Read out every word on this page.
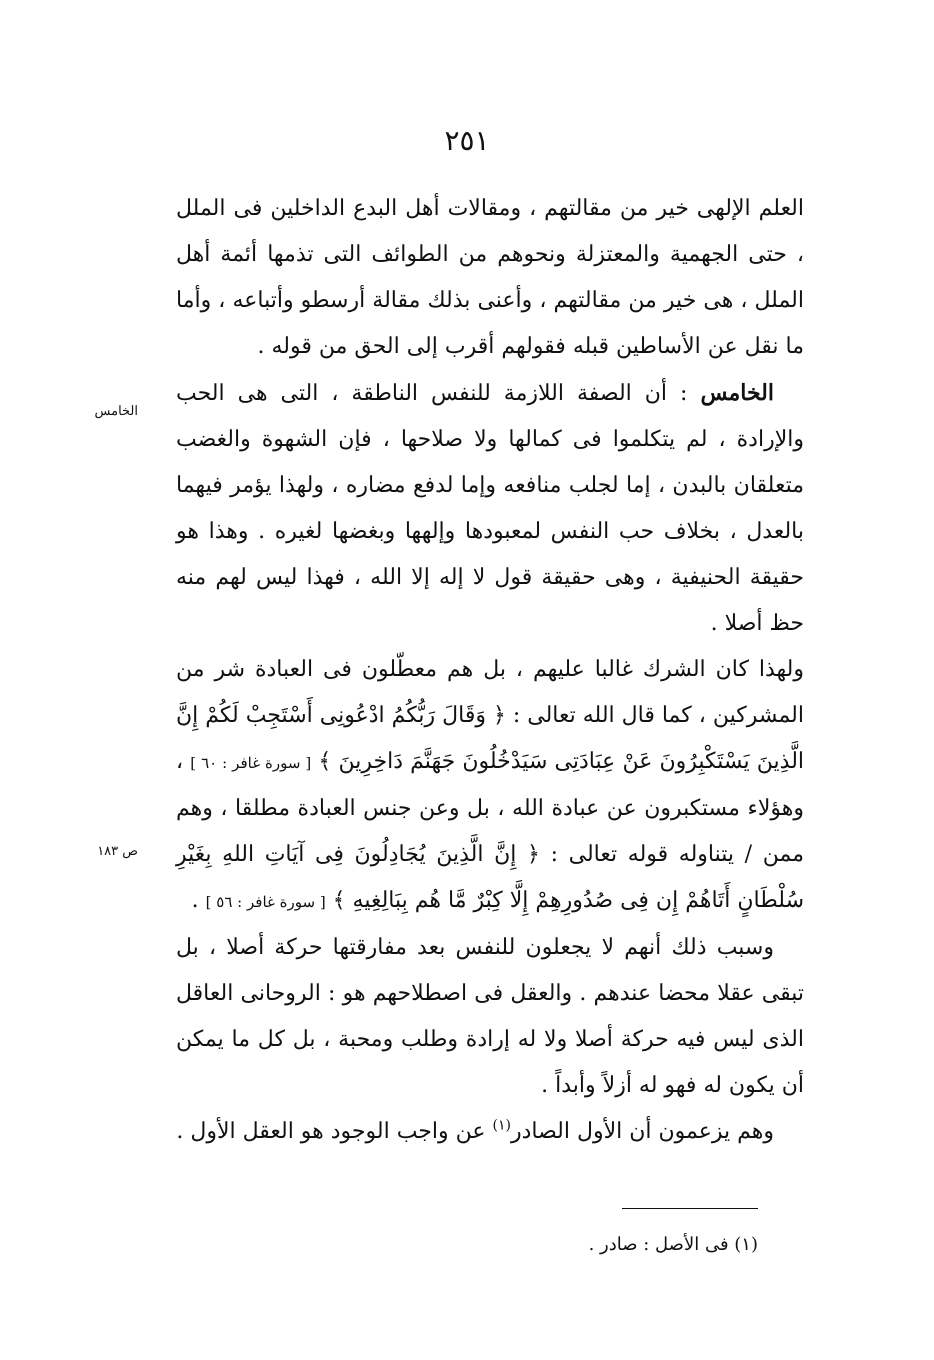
٢٥١

العلم الإلهى خير من مقالتهم ، ومقالات أهل البدع الداخلين فى الملل ، حتى الجهمية والمعتزلة ونحوهم من الطوائف التى تذمها أئمة أهل الملل ، هى خير من مقالتهم ، وأعنى بذلك مقالة أرسطو وأتباعه ، وأما ما نقل عن الأساطين قبله فقولهم أقرب إلى الحق من قوله .

الخامس : أن الصفة اللازمة للنفس الناطقة ، التى هى الحب والإرادة ، لم يتكلموا فى كمالها ولا صلاحها ، فإن الشهوة والغضب متعلقان بالبدن ، إما لجلب منافعه وإما لدفع مضاره ، ولهذا يؤمر فيهما بالعدل ، بخلاف حب النفس لمعبودها وإلهها وبغضها لغيره . وهذا هو حقيقة الحنيفية ، وهى حقيقة قول لا إله إلا الله ، فهذا ليس لهم منه حظ أصلا .

ولهذا كان الشرك غالبا عليهم ، بل هم معطّلون فى العبادة شر من المشركين ، كما قال الله تعالى : ﴿ وَقَالَ رَبُّكُمُ ادْعُونِى أَسْتَجِبْ لَكُمْ إِنَّ الَّذِينَ يَسْتَكْبِرُونَ عَنْ عِبَادَتِى سَيَدْخُلُونَ جَهَنَّمَ دَاخِرِينَ ﴾ [ سورة غافر : ٦٠ ] ، وهؤلاء مستكبرون عن عبادة الله ، بل وعن جنس العبادة مطلقا ، وهم ممن / يتناوله قوله تعالى : ﴿ إِنَّ الَّذِينَ يُجَادِلُونَ فِى آيَاتِ اللهِ بِغَيْرِ سُلْطَانٍ أَتَاهُمْ إِن فِى صُدُورِهِمْ إِلَّا كِبْرٌ مَّا هُم بِبَالِغِيهِ ﴾ [ سورة غافر : ٥٦ ] .

وسبب ذلك أنهم لا يجعلون للنفس بعد مفارقتها حركة أصلا ، بل تبقى عقلا محضا عندهم . والعقل فى اصطلاحهم هو : الروحانى العاقل الذى ليس فيه حركة أصلا ولا له إرادة وطلب ومحبة ، بل كل ما يمكن أن يكون له فهو له أزلاً وأبداً .

وهم يزعمون أن الأول الصادر$^{(١)}$ عن واجب الوجود هو العقل الأول .

الخامس
ص ١٨٣
(١) فى الأصل : صادر .
